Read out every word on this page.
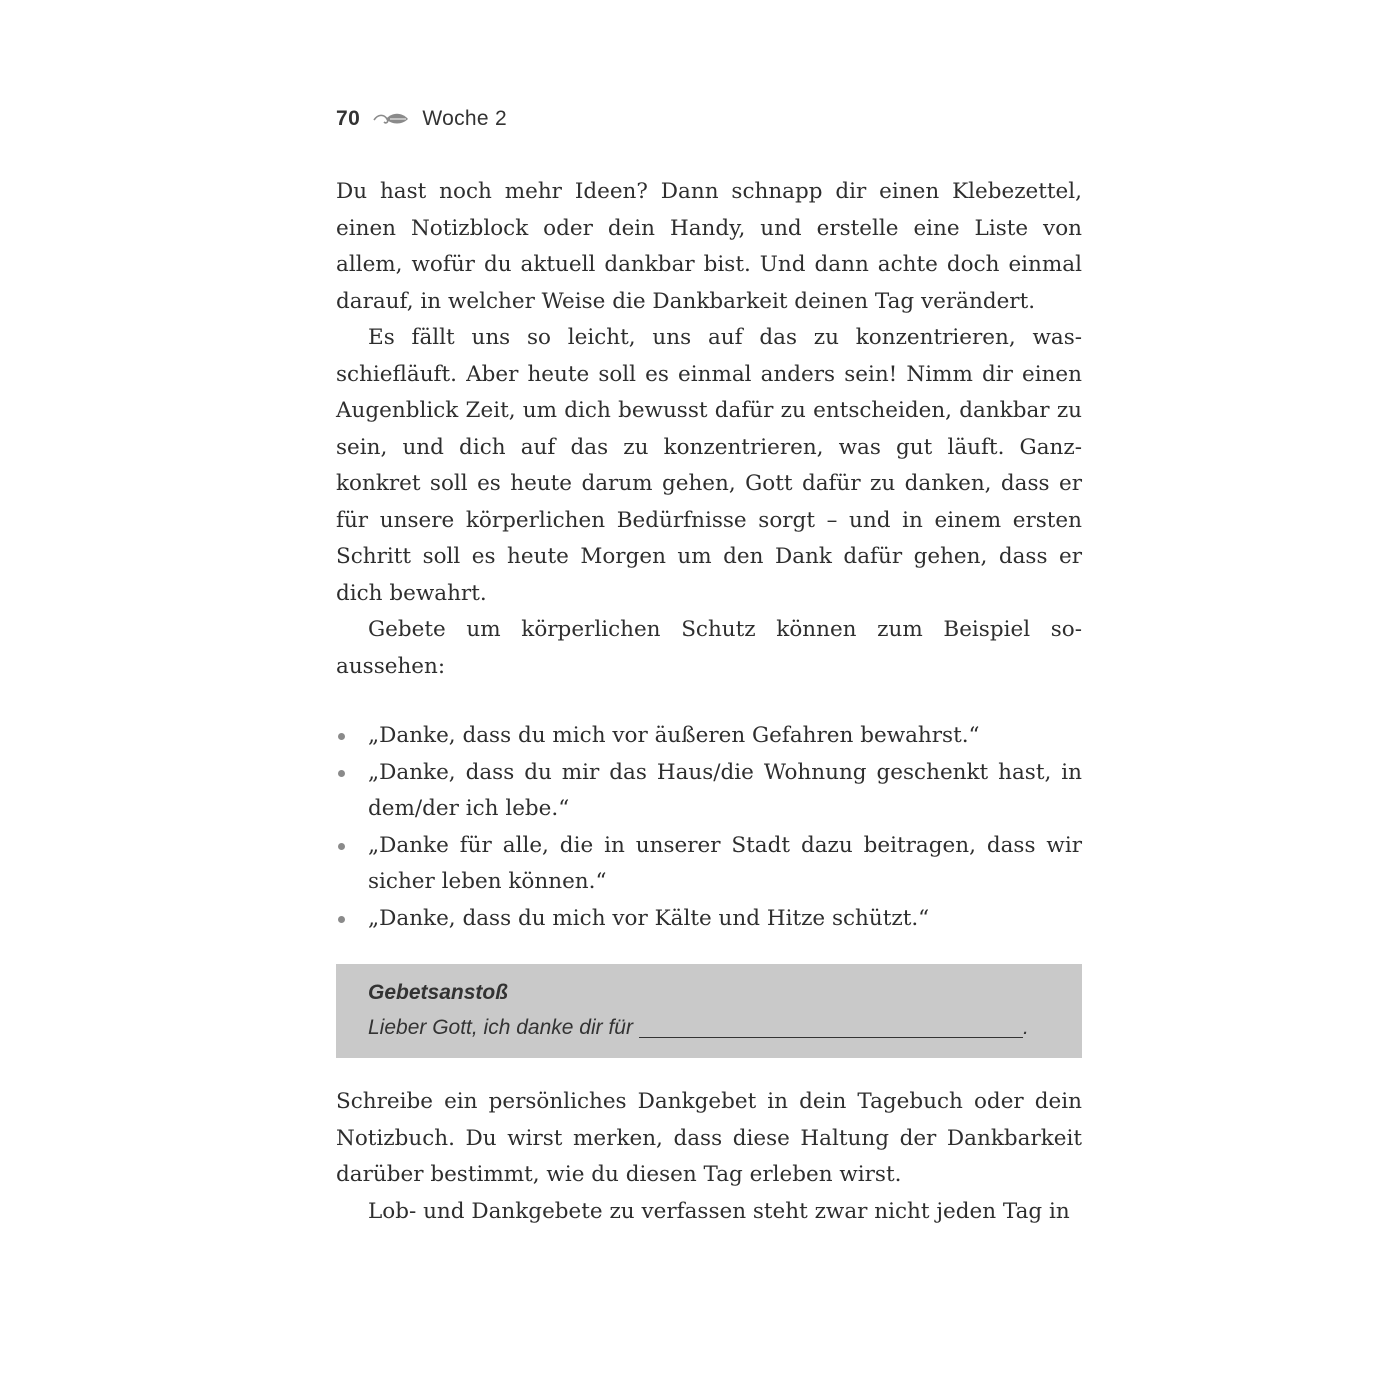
70	Woche 2

Du hast noch mehr Ideen? Dann schnapp dir einen Klebezettel, einen Notizblock oder dein Handy, und erstelle eine Liste von allem, wofür du aktuell dankbar bist. Und dann achte doch einmal darauf, in welcher Weise die Dankbarkeit deinen Tag verändert.

Es fällt uns so leicht, uns auf das zu konzentrieren, was schiefläuft. Aber heute soll es einmal anders sein! Nimm dir einen Augenblick Zeit, um dich bewusst dafür zu entscheiden, dankbar zu sein, und dich auf das zu konzentrieren, was gut läuft. Ganz konkret soll es heute darum gehen, Gott dafür zu danken, dass er für unsere körperlichen Bedürfnisse sorgt – und in einem ersten Schritt soll es heute Morgen um den Dank dafür gehen, dass er dich bewahrt.

Gebete um körperlichen Schutz können zum Beispiel so aussehen:

„Danke, dass du mich vor äußeren Gefahren bewahrst.“
„Danke, dass du mir das Haus/die Wohnung geschenkt hast, in dem/der ich lebe.“
„Danke für alle, die in unserer Stadt dazu beitragen, dass wir sicher leben können.“
„Danke, dass du mich vor Kälte und Hitze schützt.“
Gebetsanstoß
Lieber Gott, ich danke dir für	.

Schreibe ein persönliches Dankgebet in dein Tagebuch oder dein Notizbuch. Du wirst merken, dass diese Haltung der Dankbarkeit darüber bestimmt, wie du diesen Tag erleben wirst.

Lob- und Dankgebete zu verfassen steht zwar nicht jeden Tag in
